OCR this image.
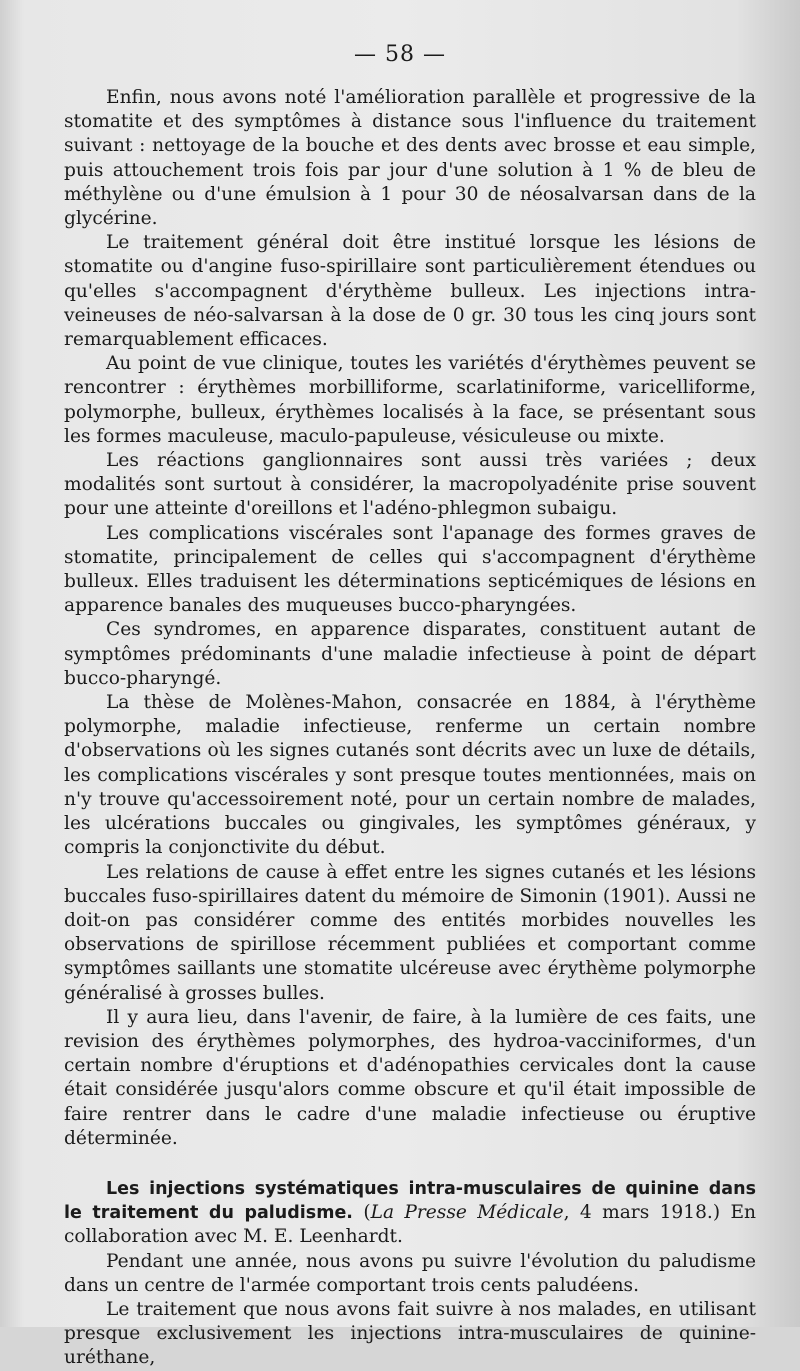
— 58 —

Enfin, nous avons noté l'amélioration parallèle et progressive de la stomatite et des symptômes à distance sous l'influence du traitement suivant : nettoyage de la bouche et des dents avec brosse et eau simple, puis attouchement trois fois par jour d'une solution à 1 % de bleu de méthylène ou d'une émulsion à 1 pour 30 de néosalvarsan dans de la glycérine.

Le traitement général doit être institué lorsque les lésions de stomatite ou d'angine fuso-spirillaire sont particulièrement étendues ou qu'elles s'accompagnent d'érythème bulleux. Les injections intra-veineuses de néo-salvarsan à la dose de 0 gr. 30 tous les cinq jours sont remarquablement efficaces.

Au point de vue clinique, toutes les variétés d'érythèmes peuvent se rencontrer : érythèmes morbilliforme, scarlatiniforme, varicelliforme, polymorphe, bulleux, érythèmes localisés à la face, se présentant sous les formes maculeuse, maculo-papuleuse, vésiculeuse ou mixte.

Les réactions ganglionnaires sont aussi très variées ; deux modalités sont surtout à considérer, la macropolyadénite prise souvent pour une atteinte d'oreillons et l'adéno-phlegmon subaigu.

Les complications viscérales sont l'apanage des formes graves de stomatite, principalement de celles qui s'accompagnent d'érythème bulleux. Elles traduisent les déterminations septicémiques de lésions en apparence banales des muqueuses bucco-pharyngées.

Ces syndromes, en apparence disparates, constituent autant de symptômes prédominants d'une maladie infectieuse à point de départ bucco-pharyngé.

La thèse de Molènes-Mahon, consacrée en 1884, à l'érythème polymorphe, maladie infectieuse, renferme un certain nombre d'observations où les signes cutanés sont décrits avec un luxe de détails, les complications viscérales y sont presque toutes mentionnées, mais on n'y trouve qu'accessoirement noté, pour un certain nombre de malades, les ulcérations buccales ou gingivales, les symptômes généraux, y compris la conjonctivite du début.

Les relations de cause à effet entre les signes cutanés et les lésions buccales fuso-spirillaires datent du mémoire de Simonin (1901). Aussi ne doit-on pas considérer comme des entités morbides nouvelles les observations de spirillose récemment publiées et comportant comme symptômes saillants une stomatite ulcéreuse avec érythème polymorphe généralisé à grosses bulles.

Il y aura lieu, dans l'avenir, de faire, à la lumière de ces faits, une revision des érythèmes polymorphes, des hydroa-vacciniformes, d'un certain nombre d'éruptions et d'adénopathies cervicales dont la cause était considérée jusqu'alors comme obscure et qu'il était impossible de faire rentrer dans le cadre d'une maladie infectieuse ou éruptive déterminée.

Les injections systématiques intra-musculaires de quinine dans le traitement du paludisme. (La Presse Médicale, 4 mars 1918.) En collaboration avec M. E. Leenhardt.

Pendant une année, nous avons pu suivre l'évolution du paludisme dans un centre de l'armée comportant trois cents paludéens.

Le traitement que nous avons fait suivre à nos malades, en utilisant presque exclusivement les injections intra-musculaires de quinine-uréthane,
